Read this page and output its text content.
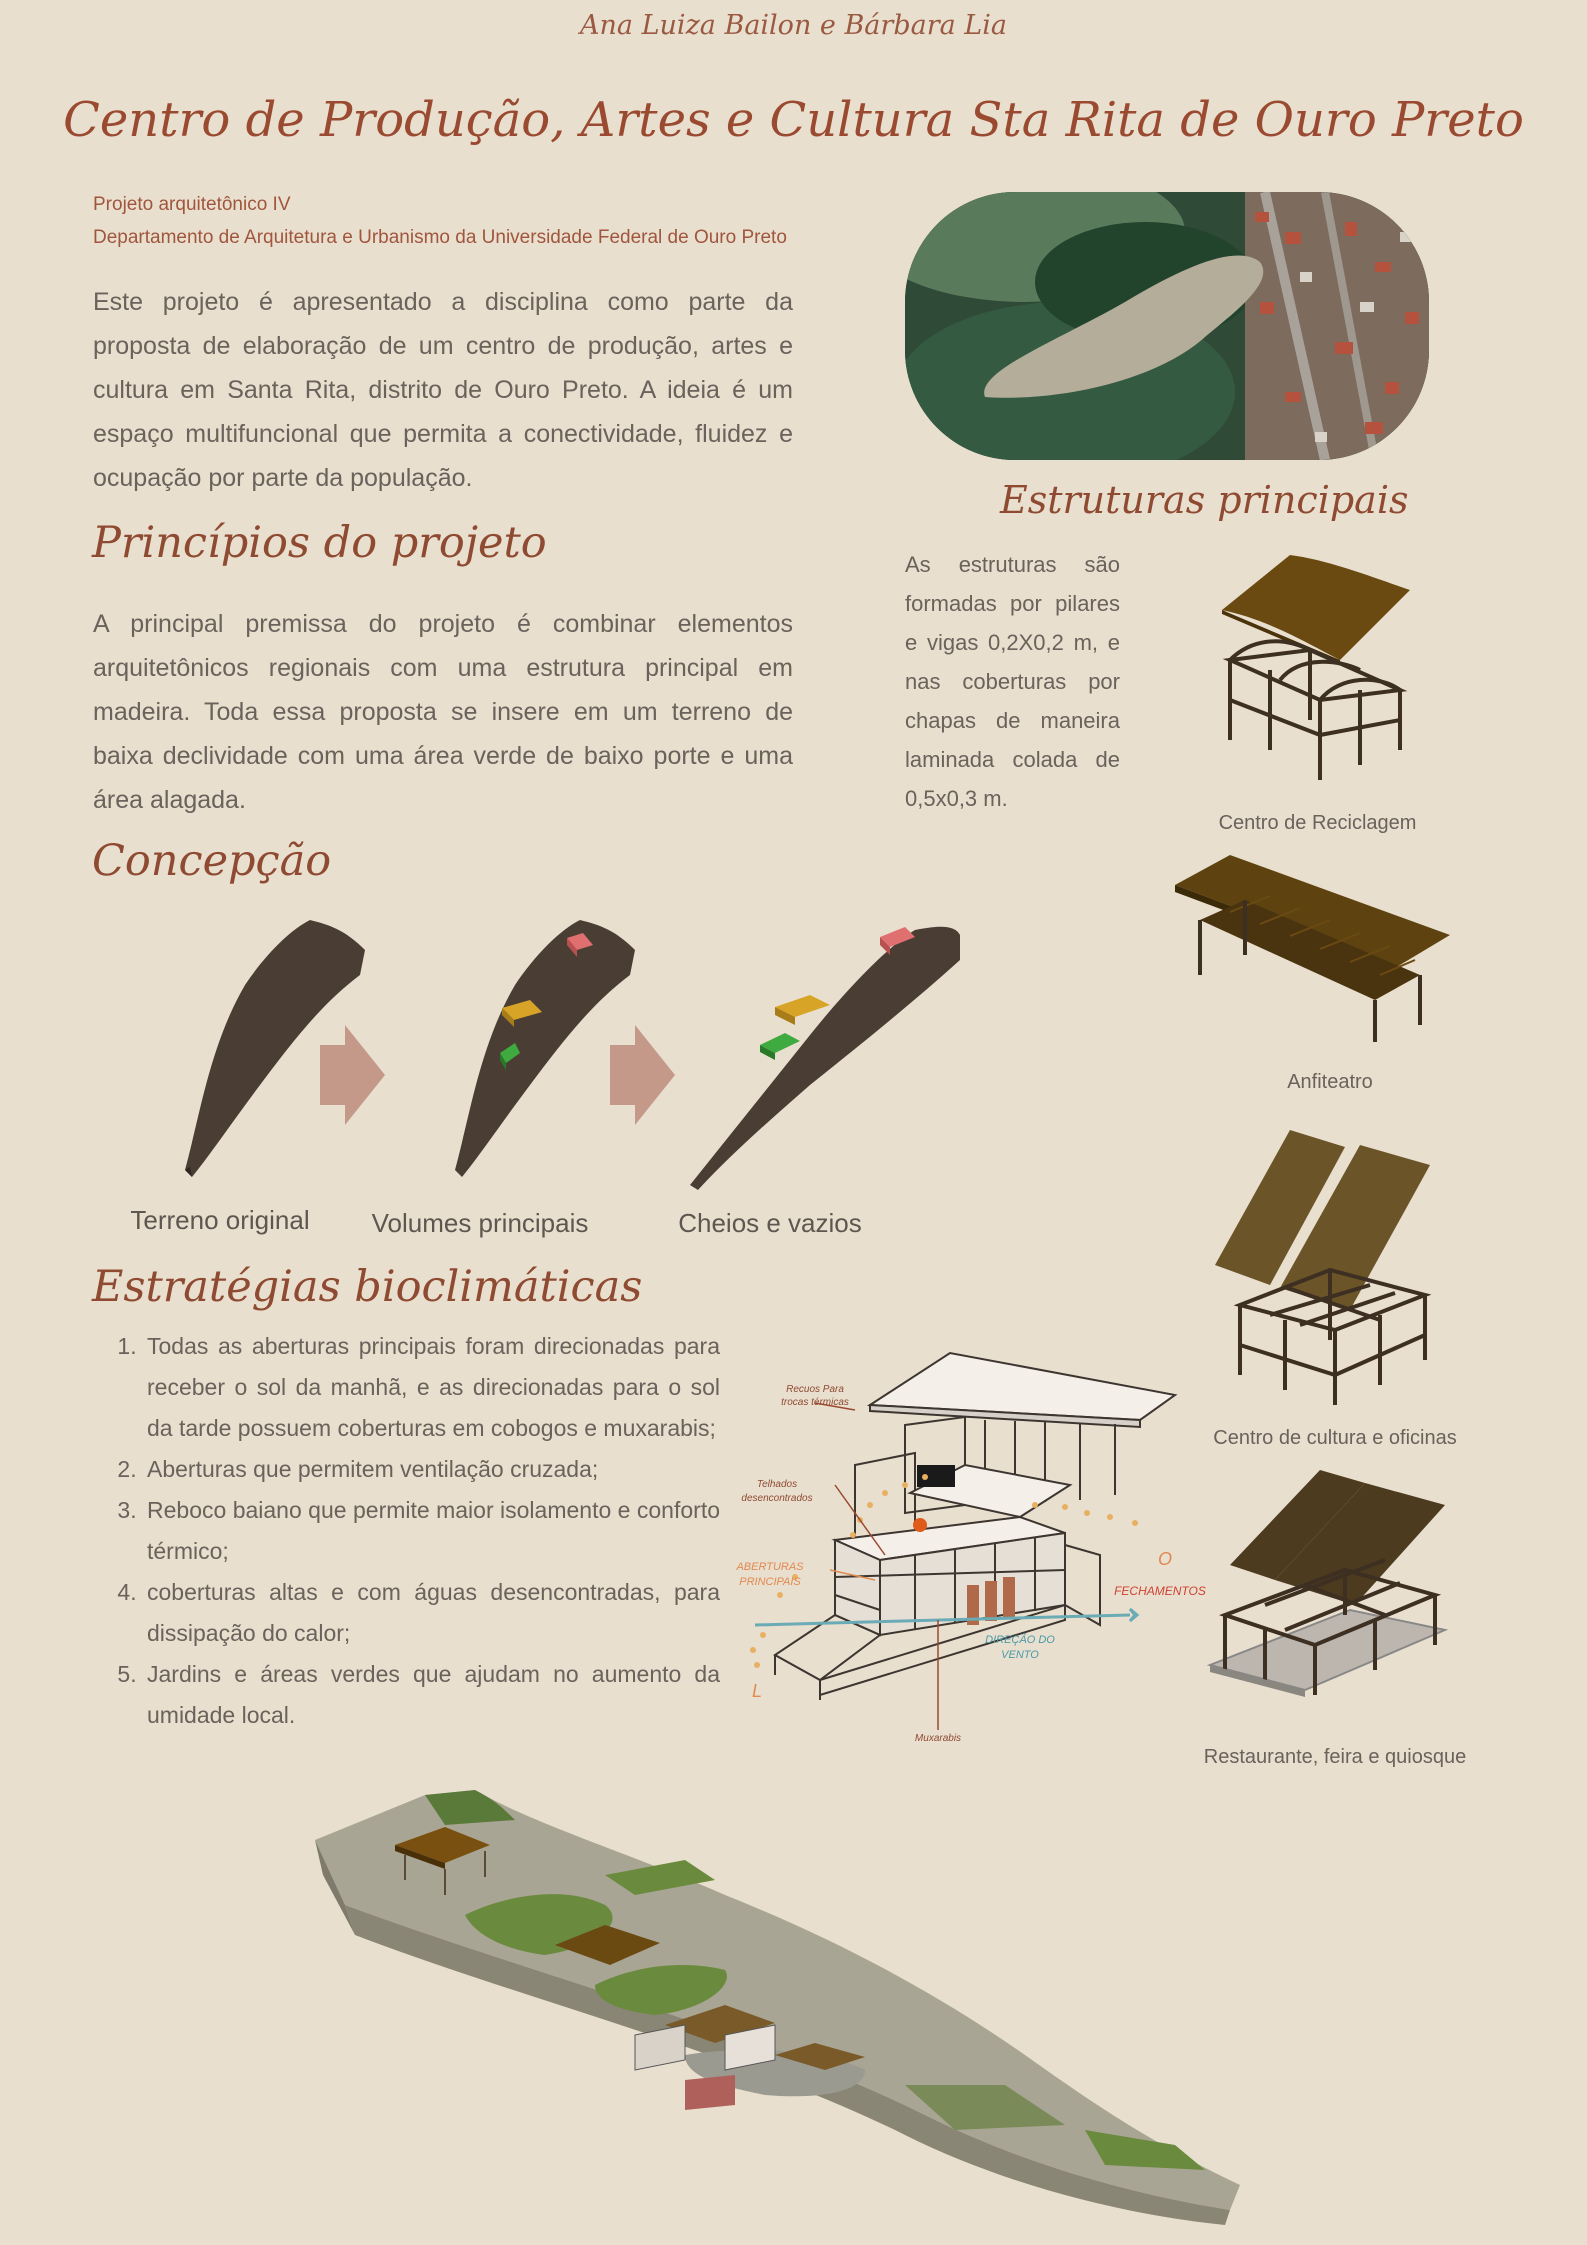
Ana Luiza Bailon e Bárbara Lia
Centro de Produção, Artes e Cultura Sta Rita de Ouro Preto
Projeto arquitetônico IV
Departamento de Arquitetura e Urbanismo da Universidade Federal de Ouro Preto
Este projeto é apresentado a disciplina como parte da proposta de elaboração de um centro de produção, artes e cultura em Santa Rita, distrito de Ouro Preto. A ideia é um espaço multifuncional que permita a conectividade, fluidez e ocupação por parte da população.	Estruturas principais
As estruturas são formadas por pilares e vigas 0,2X0,2 m, e nas coberturas por chapas de maneira laminada colada de 0,5x0,3 m.
Centro de Reciclagem
Anfiteatro
Centro de cultura e oficinas
Restaurante, feira e quiosque
Princípios do projeto
A principal premissa do projeto é combinar elementos arquitetônicos regionais com uma estrutura principal em madeira. Toda essa proposta se insere em um terreno de baixa declividade com uma área verde de baixo porte e uma área alagada.
Concepção
Terreno original	Volumes principais	Cheios e vazios
Estratégias bioclimáticas
1. Todas as aberturas principais foram direcionadas para receber o sol da manhã, e as direcionadas para o sol da tarde possuem coberturas em cobogos e muxarabis;
2. Aberturas que permitem ventilação cruzada;
3. Reboco baiano que permite maior isolamento e conforto térmico;
4. coberturas altas e com águas desencontradas, para dissipação do calor;
5. Jardins e áreas verdes que ajudam no aumento da umidade local.
Recuos Para
trocas térmicas
Telhados
desencontrados
ABERTURAS
PRINCIPAIS
DIREÇÃO DO
VENTO
O
FECHAMENTOS
L
Muxarabis
